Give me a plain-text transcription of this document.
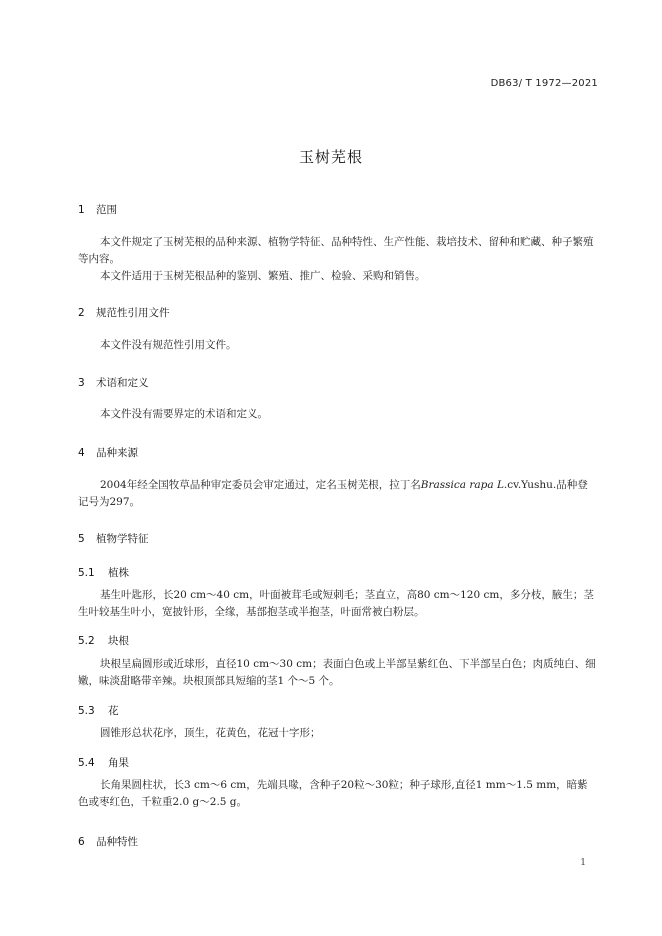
DB63/ T 1972—2021
玉树芜根
1 范围
本文件规定了玉树芜根的品种来源、植物学特征、品种特性、生产性能、栽培技术、留种和贮藏、种子繁殖等内容。
本文件适用于玉树芜根品种的鉴别、繁殖、推广、检验、采购和销售。
2 规范性引用文件
本文件没有规范性引用文件。
3 术语和定义
本文件没有需要界定的术语和定义。
4 品种来源
2004年经全国牧草品种审定委员会审定通过，定名玉树芜根，拉丁名Brassica rapa L.cv.Yushu.品种登记号为297。
5 植物学特征
5.1 植株
基生叶匙形，长20 cm～40 cm，叶面被茸毛或短刺毛；茎直立，高80 cm～120 cm，多分枝，腋生；茎生叶较基生叶小，宽披针形，全缘，基部抱茎或半抱茎，叶面常被白粉层。
5.2 块根
块根呈扁圆形或近球形，直径10 cm～30 cm；表面白色或上半部呈紫红色、下半部呈白色；肉质纯白、细嫩，味淡甜略带辛辣。块根顶部具短缩的茎1 个～5 个。
5.3 花
圆锥形总状花序，顶生，花黄色，花冠十字形；
5.4 角果
长角果圆柱状，长3 cm～6 cm，先端具喙，含种子20粒～30粒；种子球形,直径1 mm～1.5 mm，暗紫色或枣红色，千粒重2.0 g～2.5 g。
6 品种特性
1
